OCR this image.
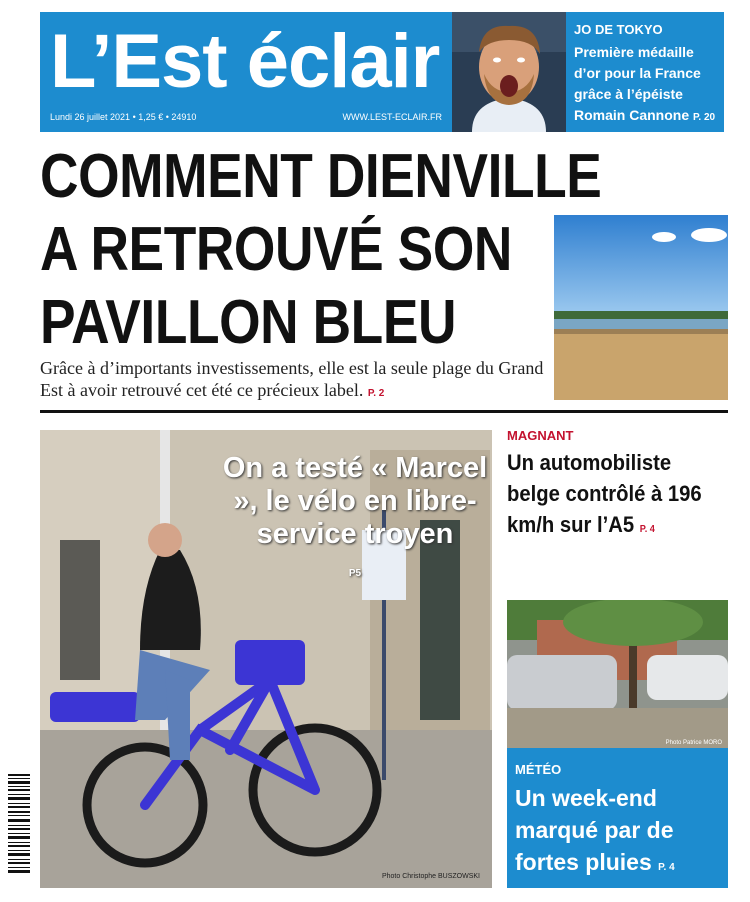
L’Est éclair
Lundi 26 juillet 2021 • 1,25 € • 24910	WWW.LEST-ECLAIR.FR
JO DE TOKYO
Première médaille d’or pour la France grâce à l’épéiste Romain Cannone P. 20
COMMENT DIENVILLE
A RETROUVÉ SON
PAVILLON BLEU
Grâce à d’importants investissements, elle est la seule plage du Grand Est à avoir retrouvé cet été ce précieux label. P. 2
On a testé « Marcel », le vélo en libre-service troyen
P5
Photo Christophe BUSZOWSKI
MAGNANT
Un automobiliste belge contrôlé à 196 km/h sur l’A5 P. 4
Photo Patrice MORO
MÉTÉO
Un week-end marqué par de fortes pluies P. 4
